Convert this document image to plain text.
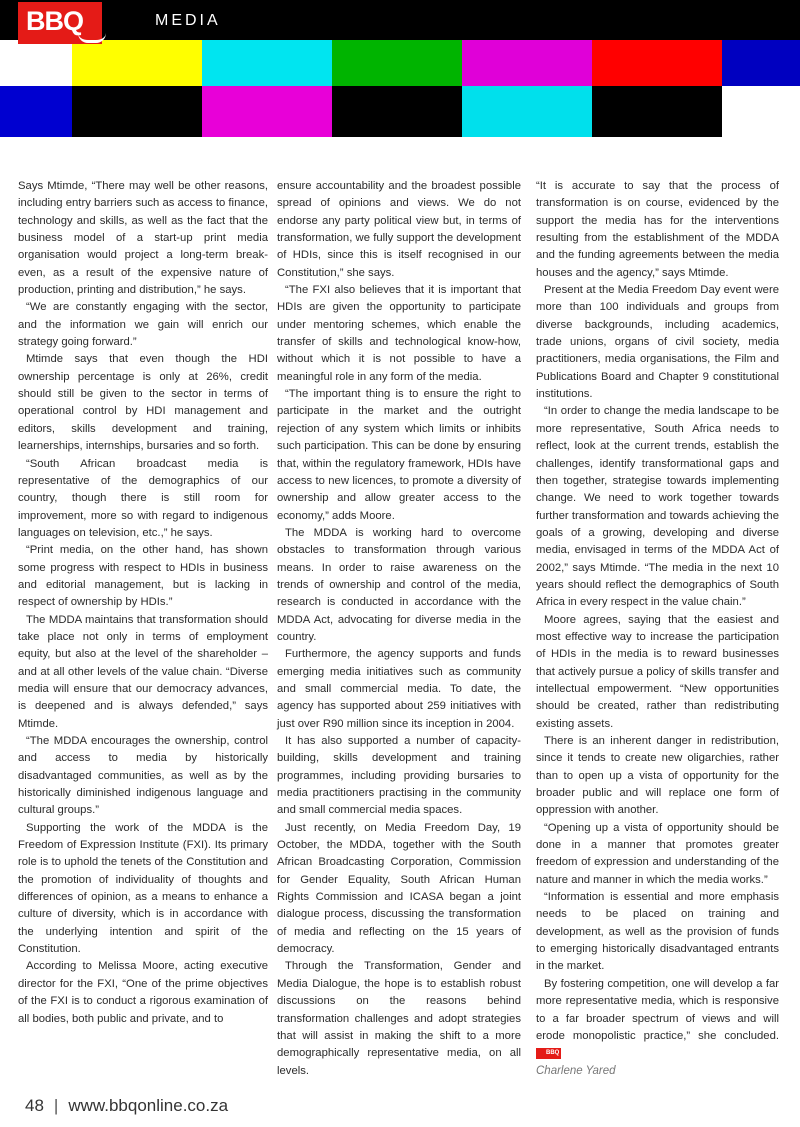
BBQ	MEDIA

Says Mtimde, “There may well be other reasons, including entry barriers such as access to finance, technology and skills, as well as the fact that the business model of a start-up print media organisation would project a long-term break-even, as a result of the expensive nature of production, printing and distribution,” he says.

“We are constantly engaging with the sector, and the information we gain will enrich our strategy going forward.”

Mtimde says that even though the HDI ownership percentage is only at 26%, credit should still be given to the sector in terms of operational control by HDI management and editors, skills development and training, learnerships, internships, bursaries and so forth.

“South African broadcast media is representative of the demographics of our country, though there is still room for improvement, more so with regard to indigenous languages on television, etc.,” he says.

“Print media, on the other hand, has shown some progress with respect to HDIs in business and editorial management, but is lacking in respect of ownership by HDIs.”

The MDDA maintains that transformation should take place not only in terms of employment equity, but also at the level of the shareholder – and at all other levels of the value chain. “Diverse media will ensure that our democracy advances, is deepened and is always defended,” says Mtimde.

“The MDDA encourages the ownership, control and access to media by historically disadvantaged communities, as well as by the historically diminished indigenous language and cultural groups.”

Supporting the work of the MDDA is the Freedom of Expression Institute (FXI). Its primary role is to uphold the tenets of the Constitution and the promotion of individuality of thoughts and differences of opinion, as a means to enhance a culture of diversity, which is in accordance with the underlying intention and spirit of the Constitution.

According to Melissa Moore, acting executive director for the FXI, “One of the prime objectives of the FXI is to conduct a rigorous examination of all bodies, both public and private, and to

ensure accountability and the broadest possible spread of opinions and views. We do not endorse any party political view but, in terms of transformation, we fully support the development of HDIs, since this is itself recognised in our Constitution,” she says.

“The FXI also believes that it is important that HDIs are given the opportunity to participate under mentoring schemes, which enable the transfer of skills and technological know-how, without which it is not possible to have a meaningful role in any form of the media.

“The important thing is to ensure the right to participate in the market and the outright rejection of any system which limits or inhibits such participation. This can be done by ensuring that, within the regulatory framework, HDIs have access to new licences, to promote a diversity of ownership and allow greater access to the economy,” adds Moore.

The MDDA is working hard to overcome obstacles to transformation through various means. In order to raise awareness on the trends of ownership and control of the media, research is conducted in accordance with the MDDA Act, advocating for diverse media in the country.

Furthermore, the agency supports and funds emerging media initiatives such as community and small commercial media. To date, the agency has supported about 259 initiatives with just over R90 million since its inception in 2004.

It has also supported a number of capacity-building, skills development and training programmes, including providing bursaries to media practitioners practising in the community and small commercial media spaces.

Just recently, on Media Freedom Day, 19 October, the MDDA, together with the South African Broadcasting Corporation, Commission for Gender Equality, South African Human Rights Commission and ICASA began a joint dialogue process, discussing the transformation of media and reflecting on the 15 years of democracy.

Through the Transformation, Gender and Media Dialogue, the hope is to establish robust discussions on the reasons behind transformation challenges and adopt strategies that will assist in making the shift to a more demographically representative media, on all levels.

“It is accurate to say that the process of transformation is on course, evidenced by the support the media has for the interventions resulting from the establishment of the MDDA and the funding agreements between the media houses and the agency,” says Mtimde.

Present at the Media Freedom Day event were more than 100 individuals and groups from diverse backgrounds, including academics, trade unions, organs of civil society, media practitioners, media organisations, the Film and Publications Board and Chapter 9 constitutional institutions.

“In order to change the media landscape to be more representative, South Africa needs to reflect, look at the current trends, establish the challenges, identify transformational gaps and then together, strategise towards implementing change. We need to work together towards further transformation and towards achieving the goals of a growing, developing and diverse media, envisaged in terms of the MDDA Act of 2002,” says Mtimde. “The media in the next 10 years should reflect the demographics of South Africa in every respect in the value chain.”

Moore agrees, saying that the easiest and most effective way to increase the participation of HDIs in the media is to reward businesses that actively pursue a policy of skills transfer and intellectual empowerment. “New opportunities should be created, rather than redistributing existing assets.

There is an inherent danger in redistribution, since it tends to create new oligarchies, rather than to open up a vista of opportunity for the broader public and will replace one form of oppression with another.

“Opening up a vista of opportunity should be done in a manner that promotes greater freedom of expression and understanding of the nature and manner in which the media works.”

“Information is essential and more emphasis needs to be placed on training and development, as well as the provision of funds to emerging historically disadvantaged entrants in the market.

By fostering competition, one will develop a far more representative media, which is responsive to a far broader spectrum of views and will erode monopolistic practice,” she concluded. BBQ

Charlene Yared

48 | www.bbqonline.co.za
